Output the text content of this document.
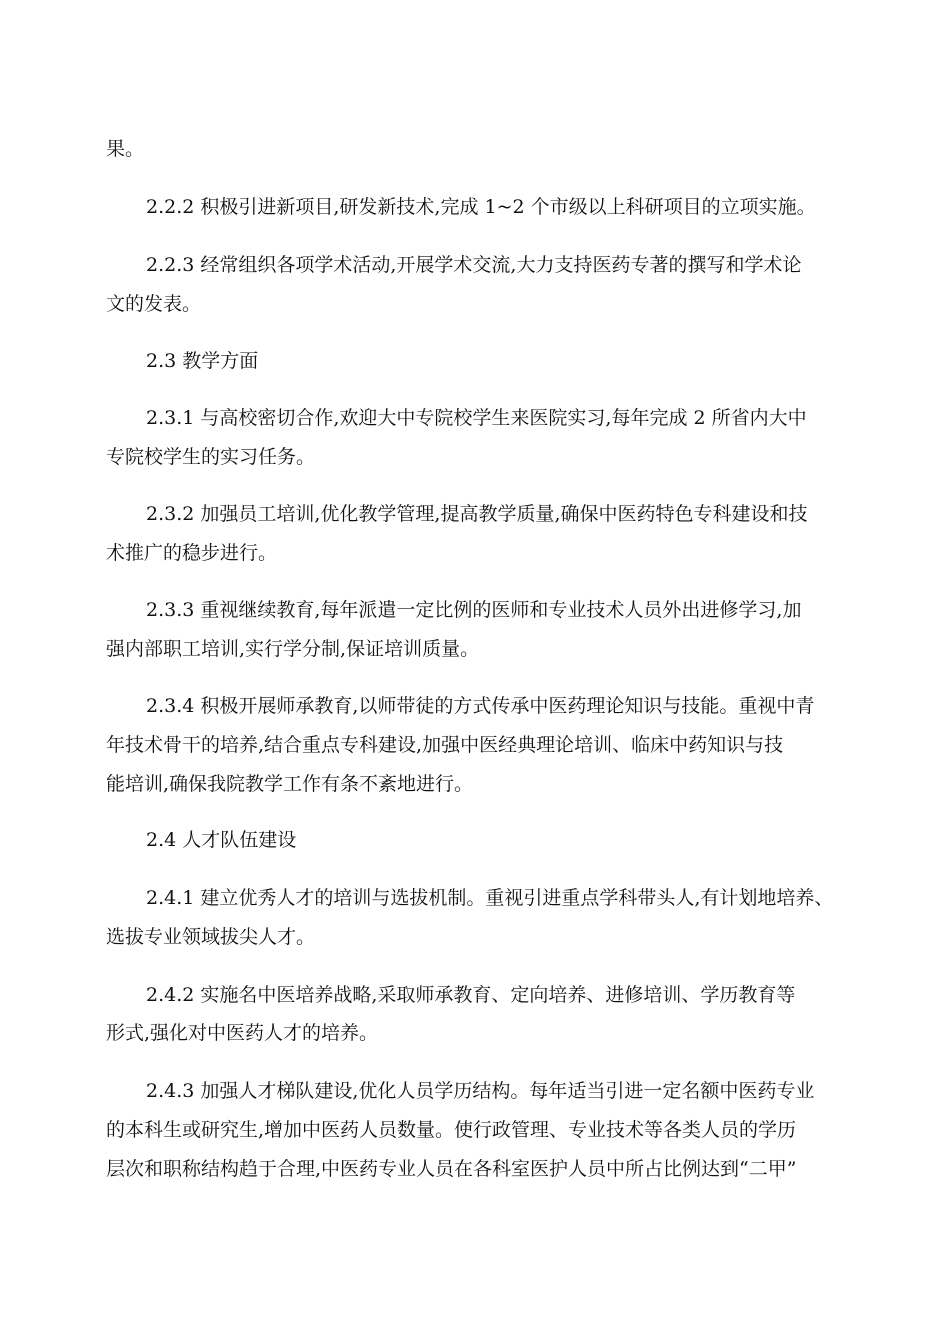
果。
2.2.2 积极引进新项目,研发新技术,完成 1~2 个市级以上科研项目的立项实施。
2.2.3 经常组织各项学术活动,开展学术交流,大力支持医药专著的撰写和学术论
文的发表。
2.3 教学方面
2.3.1 与高校密切合作,欢迎大中专院校学生来医院实习,每年完成 2 所省内大中
专院校学生的实习任务。
2.3.2 加强员工培训,优化教学管理,提高教学质量,确保中医药特色专科建设和技
术推广的稳步进行。
2.3.3 重视继续教育,每年派遣一定比例的医师和专业技术人员外出进修学习,加
强内部职工培训,实行学分制,保证培训质量。
2.3.4 积极开展师承教育,以师带徒的方式传承中医药理论知识与技能。重视中青
年技术骨干的培养,结合重点专科建设,加强中医经典理论培训、临床中药知识与技
能培训,确保我院教学工作有条不紊地进行。
2.4 人才队伍建设
2.4.1 建立优秀人才的培训与选拔机制。重视引进重点学科带头人,有计划地培养、
选拔专业领域拔尖人才。
2.4.2 实施名中医培养战略,采取师承教育、定向培养、进修培训、学历教育等
形式,强化对中医药人才的培养。
2.4.3 加强人才梯队建设,优化人员学历结构。每年适当引进一定名额中医药专业
的本科生或研究生,增加中医药人员数量。使行政管理、专业技术等各类人员的学历
层次和职称结构趋于合理,中医药专业人员在各科室医护人员中所占比例达到“二甲”
